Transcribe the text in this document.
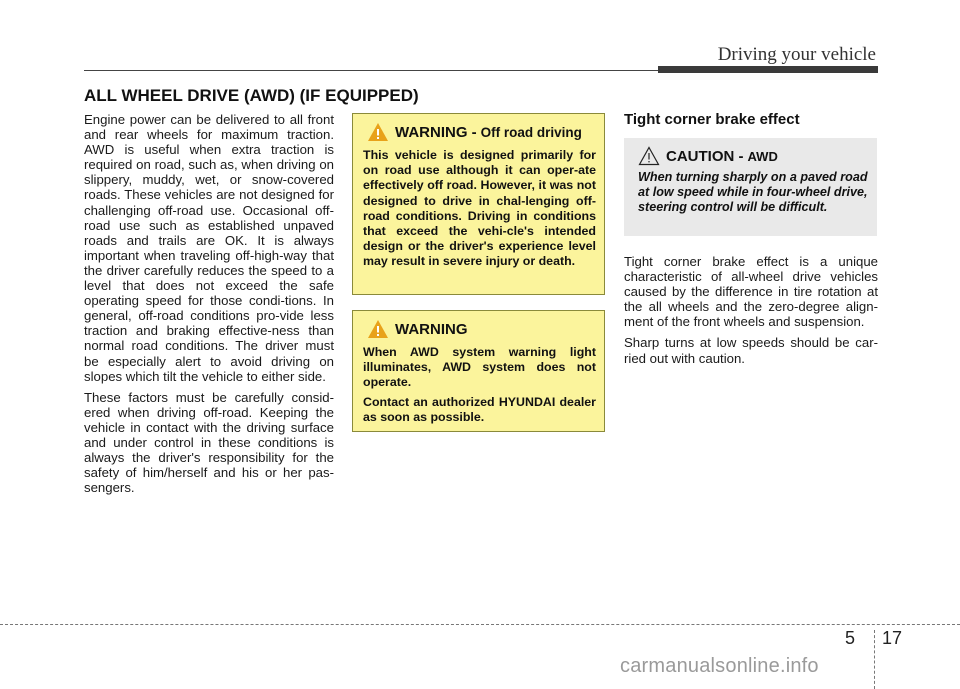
Driving your vehicle
ALL WHEEL DRIVE (AWD) (IF EQUIPPED)

Engine power can be delivered to all front and rear wheels for maximum traction. AWD is useful when extra traction is required on road, such as, when driving on slippery, muddy, wet, or snow-covered roads. These vehicles are not designed for challenging off-road use. Occasional off-road use such as established unpaved roads and trails are OK. It is always important when traveling off-high-way that the driver carefully reduces the speed to a level that does not exceed the safe operating speed for those condi-tions. In general, off-road conditions pro-vide less traction and braking effective-ness than normal road conditions. The driver must be especially alert to avoid driving on slopes which tilt the vehicle to either side.

These factors must be carefully consid-ered when driving off-road. Keeping the vehicle in contact with the driving surface and under control in these conditions is always the driver's responsibility for the safety of him/herself and his or her pas-sengers.

WARNING - Off road driving

This vehicle is designed primarily for on road use although it can oper-ate effectively off road. However, it was not designed to drive in chal-lenging off-road conditions. Driving in conditions that exceed the vehi-cle's intended design or the driver's experience level may result in severe injury or death.

WARNING

When AWD system warning light illuminates, AWD system does not operate.

Contact an authorized HYUNDAI dealer as soon as possible.

Tight corner brake effect
CAUTION - AWD

When turning sharply on a paved road at low speed while in four-wheel drive, steering control will be difficult.

Tight corner brake effect is a unique characteristic of all-wheel drive vehicles caused by the difference in tire rotation at the all wheels and the zero-degree align-ment of the front wheels and suspension.

Sharp turns at low speeds should be car-ried out with caution.

5 17
carmanualsonline.info
